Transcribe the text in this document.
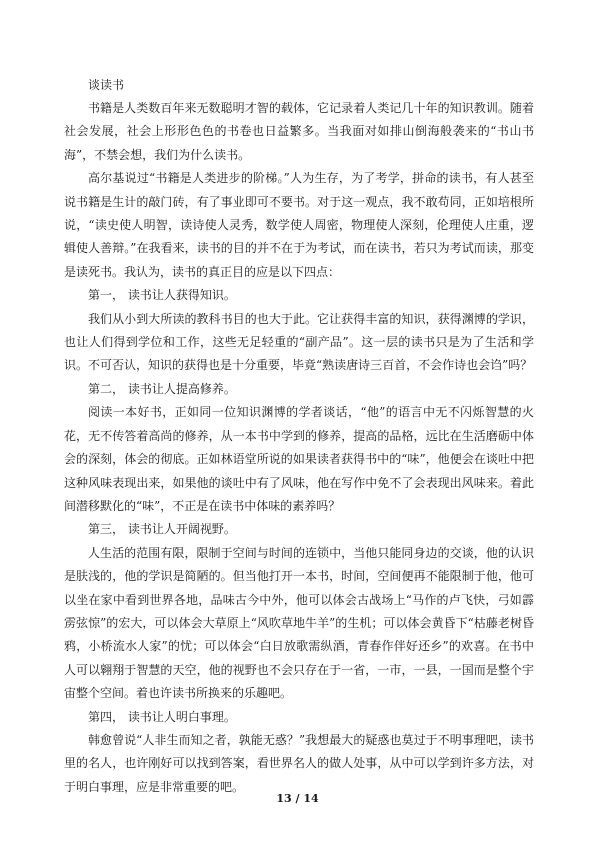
谈读书

书籍是人类数百年来无数聪明才智的载体，它记录着人类记几十年的知识教训。随着社会发展，社会上形形色色的书卷也日益繁多。当我面对如排山倒海般袭来的“书山书海”，不禁会想，我们为什么读书。

高尔基说过“书籍是人类进步的阶梯。”人为生存，为了考学，拼命的读书，有人甚至说书籍是生计的敲门砖，有了事业即可不要书。对于这一观点，我不敢苟同，正如培根所说，“读史使人明智，读诗使人灵秀，数学使人周密，物理使人深刻，伦理使人庄重，逻辑使人善辩。”在我看来，读书的目的并不在于为考试，而在读书，若只为考试而读，那变是读死书。我认为，读书的真正目的应是以下四点：

第一， 读书让人获得知识。

我们从小到大所读的教科书目的也大于此。它让获得丰富的知识，获得渊博的学识，也让人们得到学位和工作，这些无足轻重的“副产品”。这一层的读书只是为了生活和学识。不可否认，知识的获得也是十分重要，毕竟“熟读唐诗三百首，不会作诗也会诌”吗？

第二， 读书让人提高修养。

阅读一本好书，正如同一位知识渊博的学者谈话，“他”的语言中无不闪烁智慧的火花，无不传答着高尚的修养，从一本书中学到的修养，提高的品格，远比在生活磨砺中体会的深刻，体会的彻底。正如林语堂所说的如果读者获得书中的“味”，他便会在谈吐中把这种风味表现出来，如果他的谈吐中有了风味，他在写作中免不了会表现出风味来。着此间潜移默化的“味”，不正是在读书中体味的素养吗？

第三， 读书让人开阔视野。

人生活的范围有限，限制于空间与时间的连锁中，当他只能同身边的交谈，他的认识是肤浅的，他的学识是简陋的。但当他打开一本书，时间，空间便再不能限制于他，他可以坐在家中看到世界各地，品味古今中外，他可以体会古战场上“马作的卢飞快，弓如霹雳弦惊”的宏大，可以体会大草原上“风吹草地牛羊”的生机；可以体会黄昏下“枯藤老树昏鸦，小桥流水人家”的忧；可以体会“白日放歌需纵酒，青春作伴好还乡”的欢喜。在书中人可以翱翔于智慧的天空，他的视野也不会只存在于一省，一市，一县，一国而是整个宇宙整个空间。着也许读书所换来的乐趣吧。

第四， 读书让人明白事理。

韩愈曾说“人非生而知之者，孰能无惑？”我想最大的疑惑也莫过于不明事理吧，读书里的名人，也许刚好可以找到答案，看世界名人的做人处事，从中可以学到许多方法，对于明白事理，应是非常重要的吧。

13 / 14
